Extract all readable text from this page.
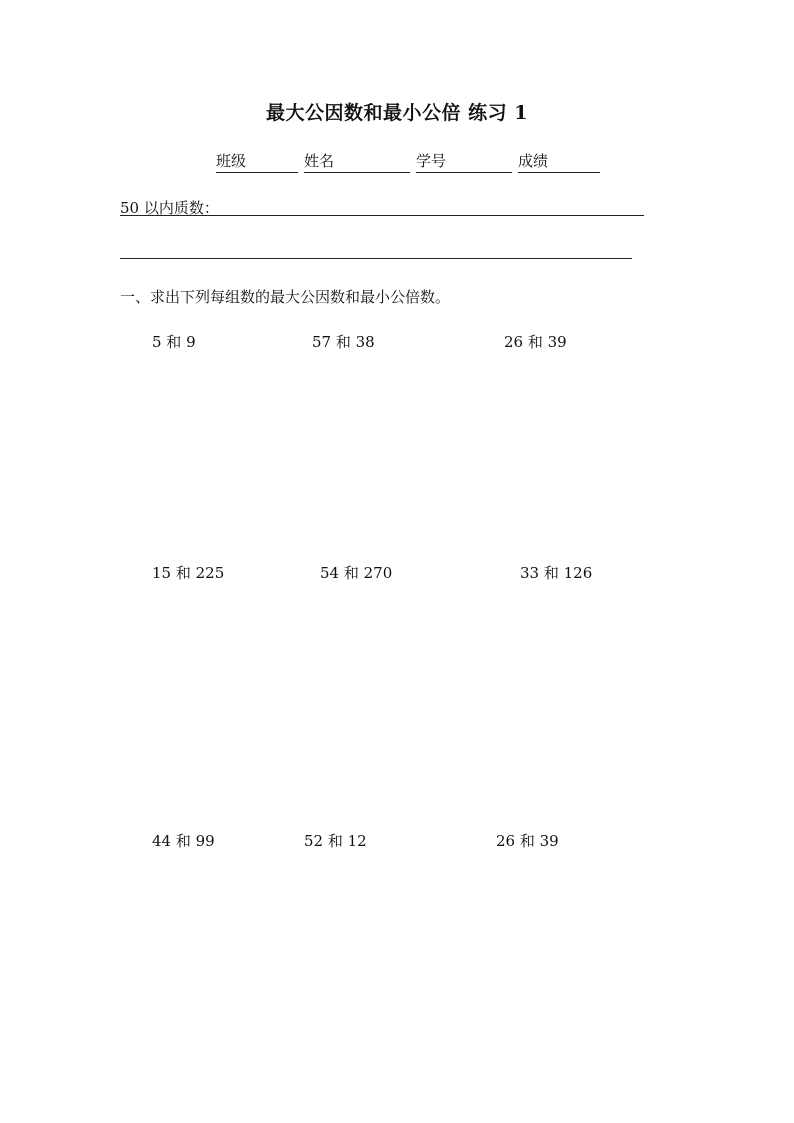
最大公因数和最小公倍 练习 1
班级	姓名	学号	成绩
50 以内质数：
一、求出下列每组数的最大公因数和最小公倍数。
5 和 9	57 和 38	26 和 39
15 和 225	54 和 270	33 和 126
44 和 99	52 和 12	26 和 39
